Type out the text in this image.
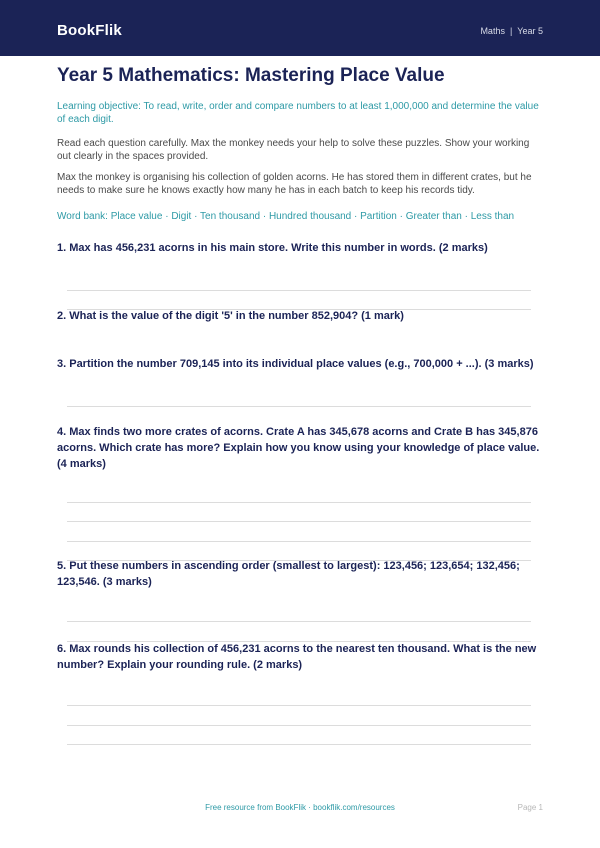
BookFlik	Maths | Year 5
Year 5 Mathematics: Mastering Place Value

Learning objective: To read, write, order and compare numbers to at least 1,000,000 and determine the value of each digit.

Read each question carefully. Max the monkey needs your help to solve these puzzles. Show your working out clearly in the spaces provided.

Max the monkey is organising his collection of golden acorns. He has stored them in different crates, but he needs to make sure he knows exactly how many he has in each batch to keep his records tidy.

Word bank: Place value · Digit · Ten thousand · Hundred thousand · Partition · Greater than · Less than

1. Max has 456,231 acorns in his main store. Write this number in words. (2 marks)

2. What is the value of the digit '5' in the number 852,904? (1 mark)

3. Partition the number 709,145 into its individual place values (e.g., 700,000 + ...). (3 marks)

4. Max finds two more crates of acorns. Crate A has 345,678 acorns and Crate B has 345,876 acorns. Which crate has more? Explain how you know using your knowledge of place value. (4 marks)

5. Put these numbers in ascending order (smallest to largest): 123,456; 123,654; 132,456; 123,546. (3 marks)

6. Max rounds his collection of 456,231 acorns to the nearest ten thousand. What is the new number? Explain your rounding rule. (2 marks)

Free resource from BookFlik · bookflik.com/resources	Page 1
